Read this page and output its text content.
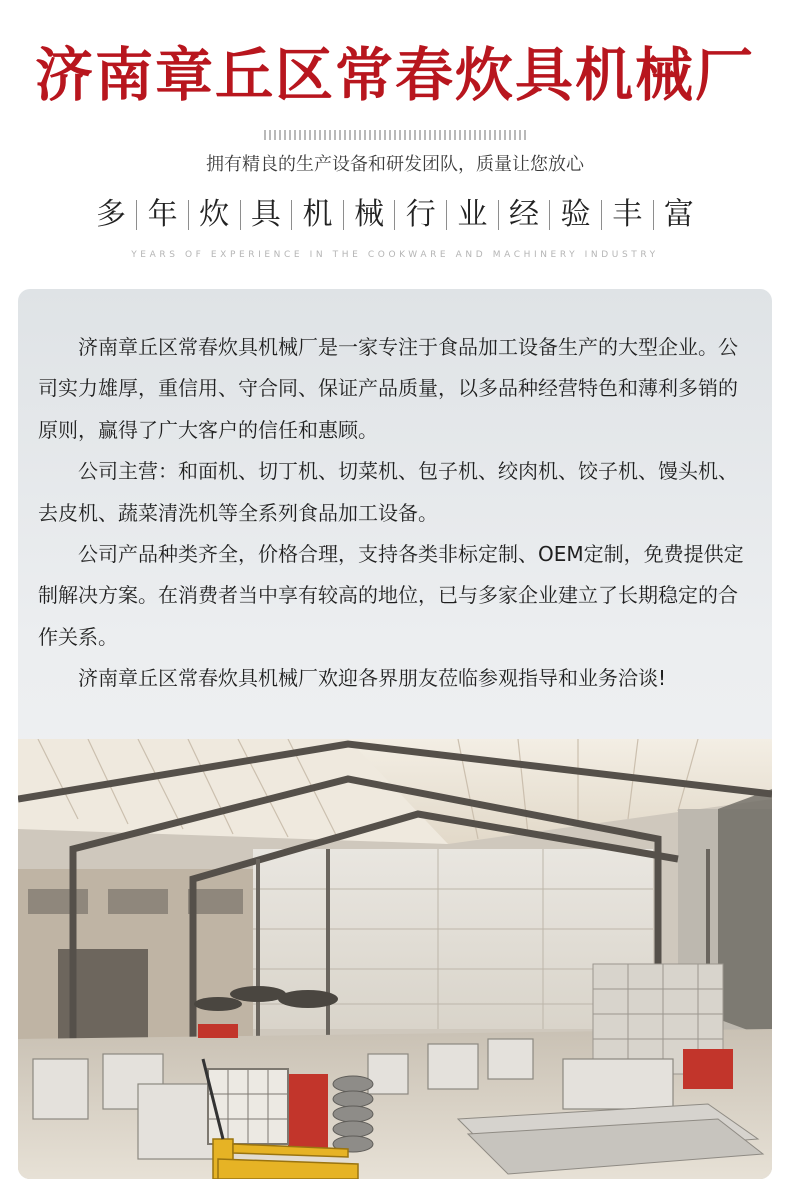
济南章丘区常春炊具机械厂
拥有精良的生产设备和研发团队，质量让您放心
多 年 炊 具 机 械 行 业 经 验 丰 富
YEARS OF EXPERIENCE IN THE COOKWARE AND MACHINERY INDUSTRY

济南章丘区常春炊具机械厂是一家专注于食品加工设备生产的大型企业。公司实力雄厚，重信用、守合同、保证产品质量，以多品种经营特色和薄利多销的原则，赢得了广大客户的信任和惠顾。

公司主营：和面机、切丁机、切菜机、包子机、绞肉机、饺子机、馒头机、去皮机、蔬菜清洗机等全系列食品加工设备。

公司产品种类齐全，价格合理，支持各类非标定制、OEM定制，免费提供定制解决方案。在消费者当中享有较高的地位，已与多家企业建立了长期稳定的合作关系。

济南章丘区常春炊具机械厂欢迎各界朋友莅临参观指导和业务洽谈!
